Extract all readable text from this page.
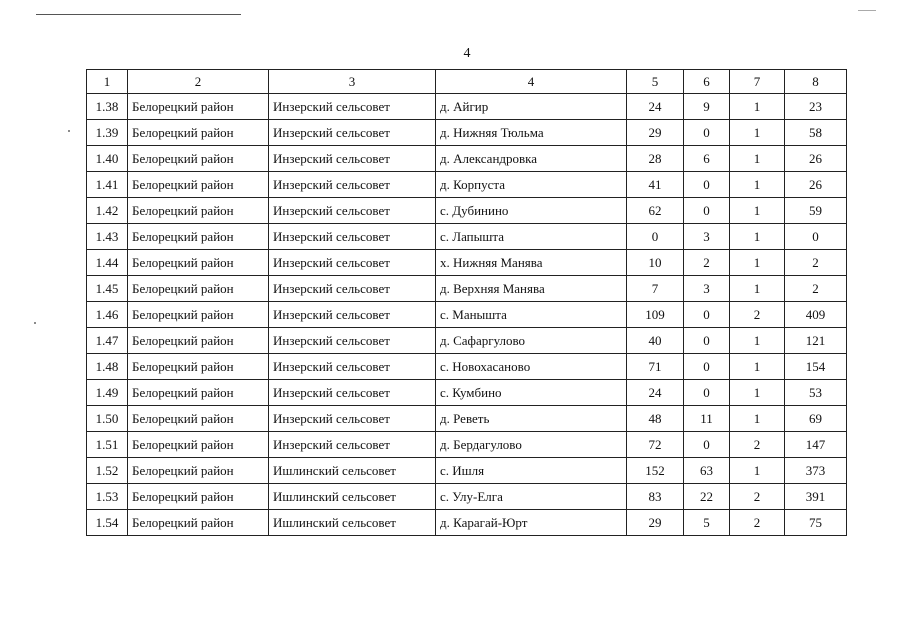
4
1	2	3	4	5	6	7	8
1.38	Белорецкий район	Инзерский сельсовет	д. Айгир	24	9	1	23
1.39	Белорецкий район	Инзерский сельсовет	д. Нижняя Тюльма	29	0	1	58
1.40	Белорецкий район	Инзерский сельсовет	д. Александровка	28	6	1	26
1.41	Белорецкий район	Инзерский сельсовет	д. Корпуста	41	0	1	26
1.42	Белорецкий район	Инзерский сельсовет	с. Дубинино	62	0	1	59
1.43	Белорецкий район	Инзерский сельсовет	с. Лапышта	0	3	1	0
1.44	Белорецкий район	Инзерский сельсовет	х. Нижняя Манява	10	2	1	2
1.45	Белорецкий район	Инзерский сельсовет	д. Верхняя Манява	7	3	1	2
1.46	Белорецкий район	Инзерский сельсовет	с. Манышта	109	0	2	409
1.47	Белорецкий район	Инзерский сельсовет	д. Сафаргулово	40	0	1	121
1.48	Белорецкий район	Инзерский сельсовет	с. Новохасаново	71	0	1	154
1.49	Белорецкий район	Инзерский сельсовет	с. Кумбино	24	0	1	53
1.50	Белорецкий район	Инзерский сельсовет	д. Реветь	48	11	1	69
1.51	Белорецкий район	Инзерский сельсовет	д. Бердагулово	72	0	2	147
1.52	Белорецкий район	Ишлинский сельсовет	с. Ишля	152	63	1	373
1.53	Белорецкий район	Ишлинский сельсовет	с. Улу-Елга	83	22	2	391
1.54	Белорецкий район	Ишлинский сельсовет	д. Карагай-Юрт	29	5	2	75
